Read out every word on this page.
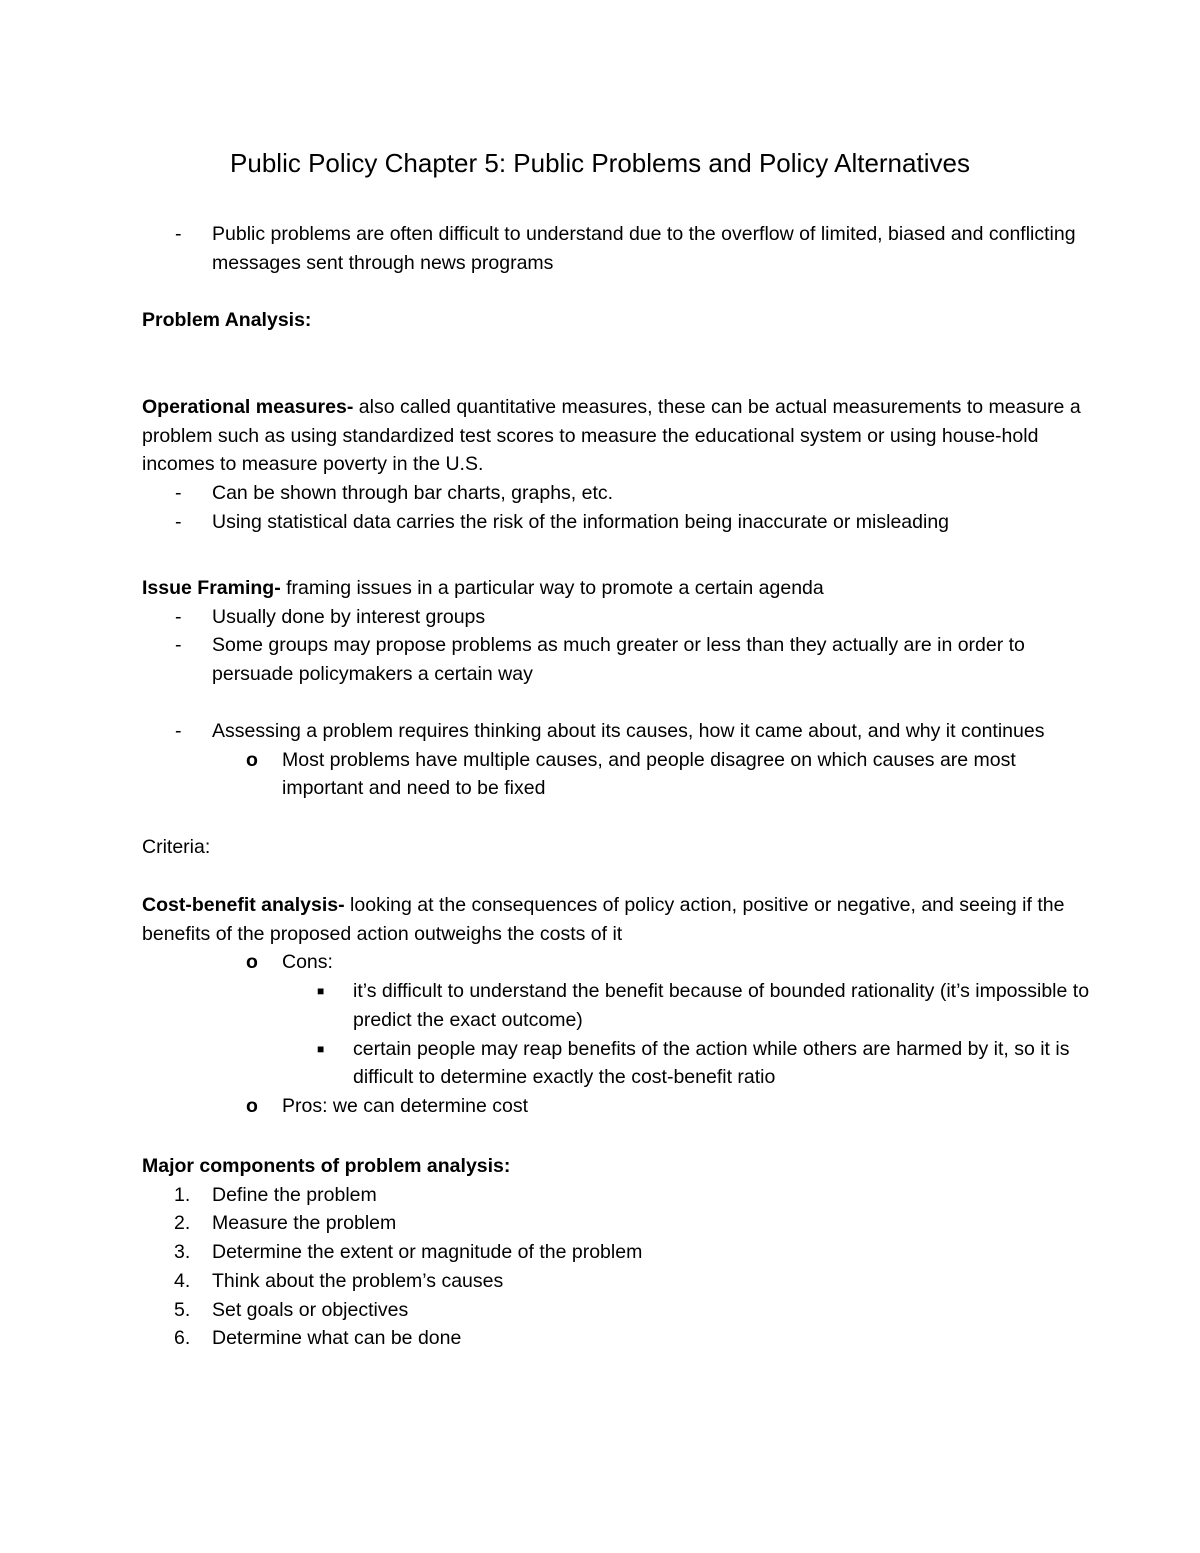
Public Policy Chapter 5: Public Problems and Policy Alternatives
- Public problems are often difficult to understand due to the overflow of limited, biased and conflicting messages sent through news programs
Problem Analysis:
Operational measures- also called quantitative measures, these can be actual measurements to measure a problem such as using standardized test scores to measure the educational system or using house-hold incomes to measure poverty in the U.S.
- Can be shown through bar charts, graphs, etc.
- Using statistical data carries the risk of the information being inaccurate or misleading
Issue Framing- framing issues in a particular way to promote a certain agenda
- Usually done by interest groups
- Some groups may propose problems as much greater or less than they actually are in order to persuade policymakers a certain way
- Assessing a problem requires thinking about its causes, how it came about, and why it continues
o Most problems have multiple causes, and people disagree on which causes are most important and need to be fixed
Criteria:
Cost-benefit analysis- looking at the consequences of policy action, positive or negative, and seeing if the benefits of the proposed action outweighs the costs of it
o Cons:
■ it’s difficult to understand the benefit because of bounded rationality (it’s impossible to predict the exact outcome)
■ certain people may reap benefits of the action while others are harmed by it, so it is difficult to determine exactly the cost-benefit ratio
o Pros: we can determine cost
Major components of problem analysis:
1. Define the problem
2. Measure the problem
3. Determine the extent or magnitude of the problem
4. Think about the problem’s causes
5. Set goals or objectives
6. Determine what can be done
